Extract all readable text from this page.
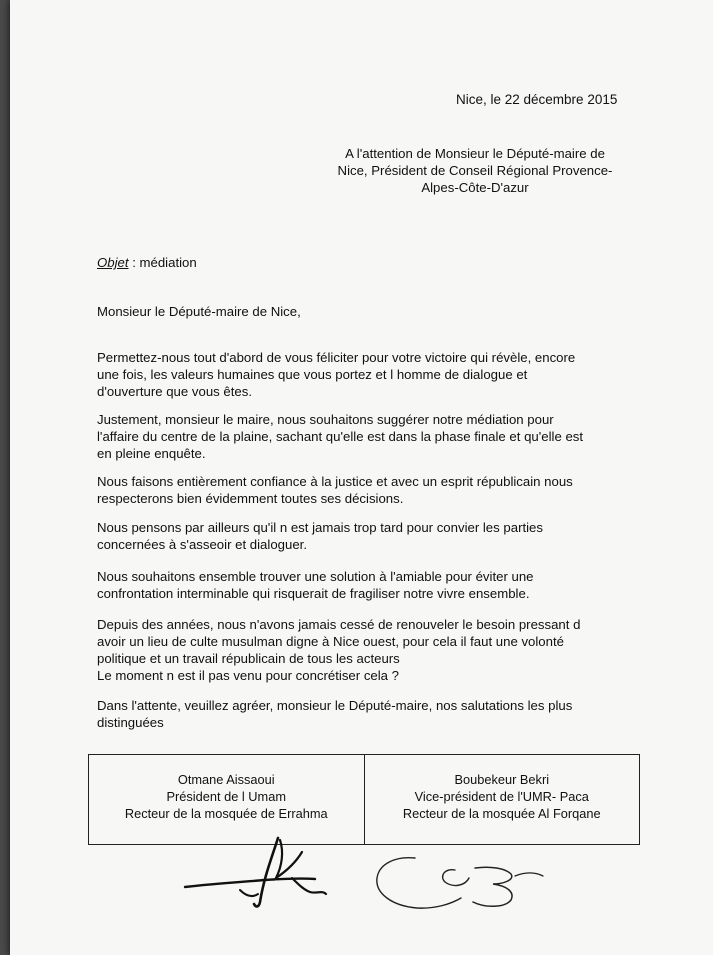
Nice, le 22 décembre 2015
A l'attention de Monsieur le Député-maire de
Nice, Président de Conseil Régional Provence-
Alpes-Côte-D'azur
Objet : médiation
Monsieur le Député-maire de Nice,
Permettez-nous tout d'abord de vous féliciter pour votre victoire qui révèle, encore
une fois, les valeurs humaines que vous portez et l homme de dialogue et
d'ouverture que vous êtes.
Justement, monsieur le maire, nous souhaitons suggérer notre médiation pour
l'affaire du centre de la plaine, sachant qu'elle est dans la phase finale et qu'elle est
en pleine enquête.
Nous faisons entièrement confiance à la justice et avec un esprit républicain nous
respecterons bien évidemment toutes ses décisions.
Nous pensons par ailleurs qu'il n est jamais trop tard pour convier les parties
concernées à s'asseoir et dialoguer.
Nous souhaitons ensemble trouver une solution à l'amiable pour éviter une
confrontation interminable qui risquerait de fragiliser notre vivre ensemble.
Depuis des années, nous n'avons jamais cessé de renouveler le besoin pressant d
avoir un lieu de culte musulman digne à Nice ouest, pour cela il faut une volonté
politique et un travail républicain de tous les acteurs
Le moment n est il pas venu pour concrétiser cela ?
Dans l'attente, veuillez agréer, monsieur le Député-maire, nos salutations les plus
distinguées
Otmane Aissaoui
Président de l Umam
Recteur de la mosquée de Errahma
Boubekeur Bekri
Vice-président de l'UMR- Paca
Recteur de la mosquée Al Forqane
